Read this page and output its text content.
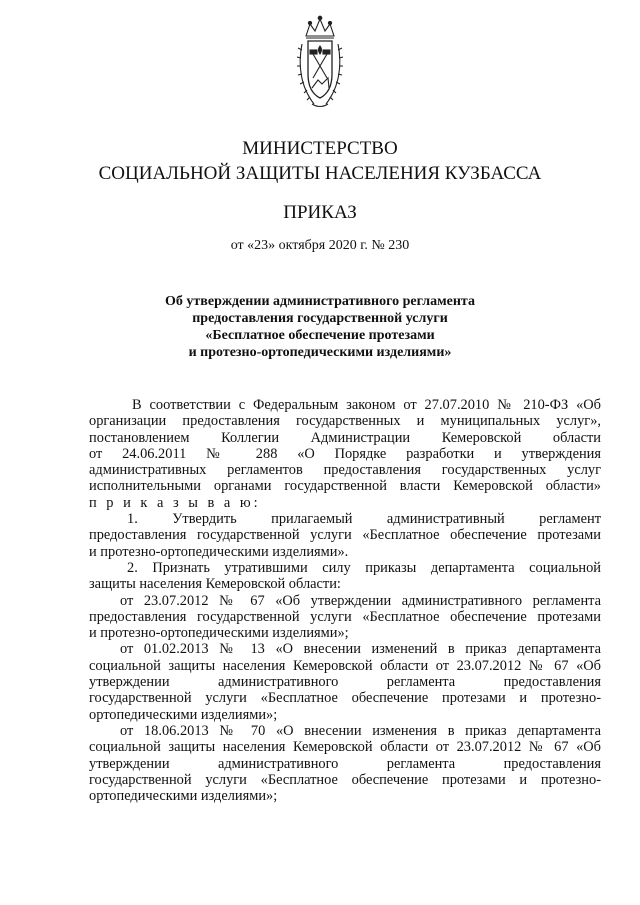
МИНИСТЕРСТВО
СОЦИАЛЬНОЙ ЗАЩИТЫ НАСЕЛЕНИЯ КУЗБАССА
ПРИКАЗ
от «23» октября 2020 г. № 230
Об утверждении административного регламента
предоставления государственной услуги
«Бесплатное обеспечение протезами
и протезно-ортопедическими изделиями»
В соответствии с Федеральным законом от 27.07.2010 № 210-ФЗ «Об
организации предоставления государственных и муниципальных услуг»,
постановлением Коллегии Администрации Кемеровской области
от 24.06.2011 № 288 «О Порядке разработки и утверждения
административных регламентов предоставления государственных услуг
исполнительными органами государственной власти Кемеровской области»
п р и к а з ы в а ю:
1. Утвердить прилагаемый административный регламент
предоставления государственной услуги «Бесплатное обеспечение протезами
и протезно-ортопедическими изделиями».
2. Признать утратившими силу приказы департамента социальной
защиты населения Кемеровской области:
от 23.07.2012 № 67 «Об утверждении административного регламента
предоставления государственной услуги «Бесплатное обеспечение протезами
и протезно-ортопедическими изделиями»;
от 01.02.2013 № 13 «О внесении изменений в приказ департамента
социальной защиты населения Кемеровской области от 23.07.2012 № 67 «Об
утверждении административного регламента предоставления
государственной услуги «Бесплатное обеспечение протезами и протезно-
ортопедическими изделиями»;
от 18.06.2013 № 70 «О внесении изменения в приказ департамента
социальной защиты населения Кемеровской области от 23.07.2012 № 67 «Об
утверждении административного регламента предоставления
государственной услуги «Бесплатное обеспечение протезами и протезно-
ортопедическими изделиями»;
